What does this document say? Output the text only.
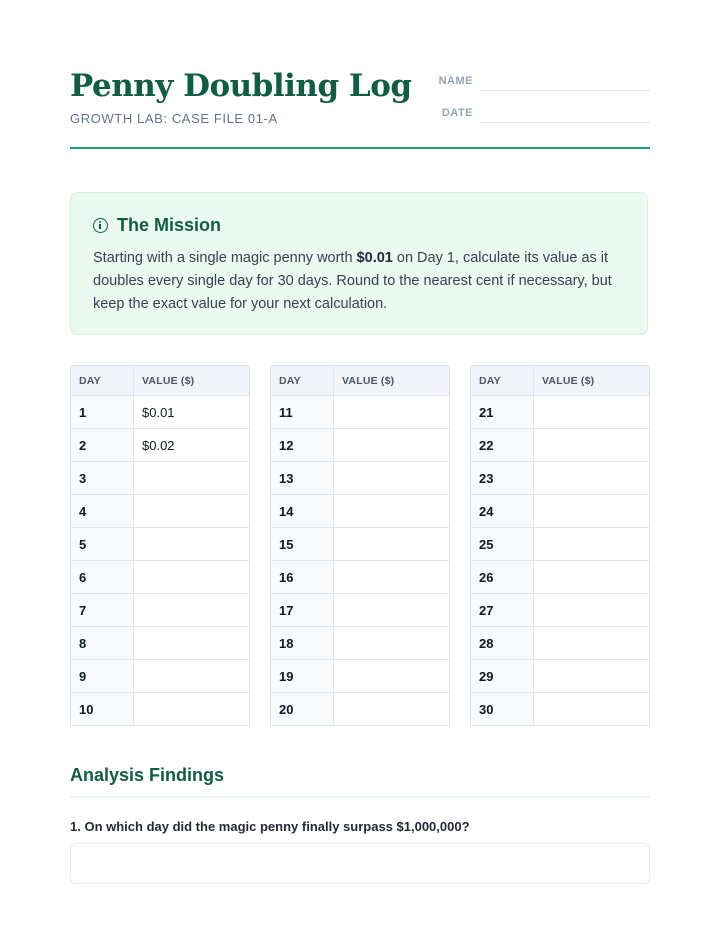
Penny Doubling Log
GROWTH LAB: CASE FILE 01-A
NAME
DATE
The Mission
Starting with a single magic penny worth $0.01 on Day 1, calculate its value as it doubles every single day for 30 days. Round to the nearest cent if necessary, but keep the exact value for your next calculation.
DAY	VALUE ($)
1	$0.01
2	$0.02
3	
4	
5	
6	
7	
8	
9	
10	
DAY	VALUE ($)
11	
12	
13	
14	
15	
16	
17	
18	
19	
20	
DAY	VALUE ($)
21	
22	
23	
24	
25	
26	
27	
28	
29	
30	
Analysis Findings
1. On which day did the magic penny finally surpass $1,000,000?
